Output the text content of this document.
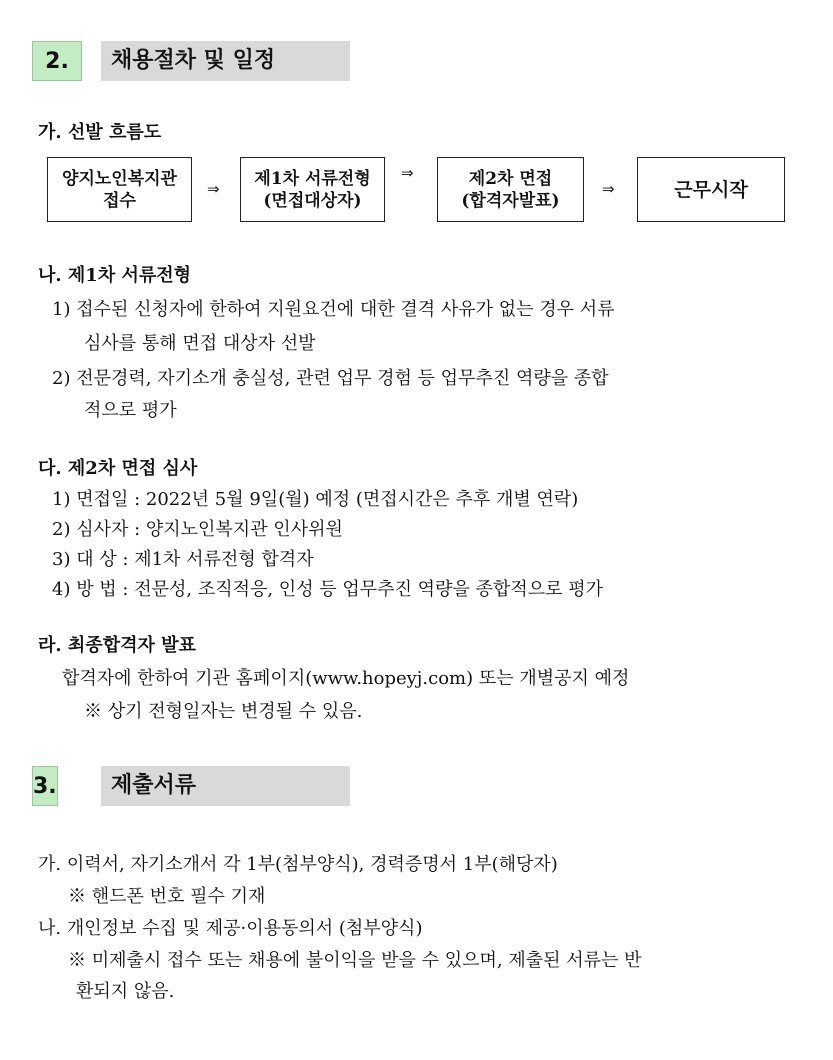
2.	채용절차 및 일정
가. 선발 흐름도
양지노인복지관
접수
⇒
제1차 서류전형
(면접대상자)
⇒	제2차 면접
(합격자발표)
⇒	근무시작
나. 제1차 서류전형
1) 접수된 신청자에 한하여 지원요건에 대한 결격 사유가 없는 경우 서류
심사를 통해 면접 대상자 선발
2) 전문경력, 자기소개 충실성, 관련 업무 경험 등 업무추진 역량을 종합
적으로 평가
다. 제2차 면접 심사
1) 면접일 : 2022년 5월 9일(월) 예정 (면접시간은 추후 개별 연락)
2) 심사자 : 양지노인복지관 인사위원
3) 대 상 : 제1차 서류전형 합격자
4) 방 법 : 전문성, 조직적응, 인성 등 업무추진 역량을 종합적으로 평가
라. 최종합격자 발표
합격자에 한하여 기관 홈페이지(www.hopeyj.com) 또는 개별공지 예정
※ 상기 전형일자는 변경될 수 있음.
3.	제출서류
가. 이력서, 자기소개서 각 1부(첨부양식), 경력증명서 1부(해당자)
※ 핸드폰 번호 필수 기재
나. 개인정보 수집 및 제공·이용동의서 (첨부양식)
※ 미제출시 접수 또는 채용에 불이익을 받을 수 있으며, 제출된 서류는 반
환되지 않음.
